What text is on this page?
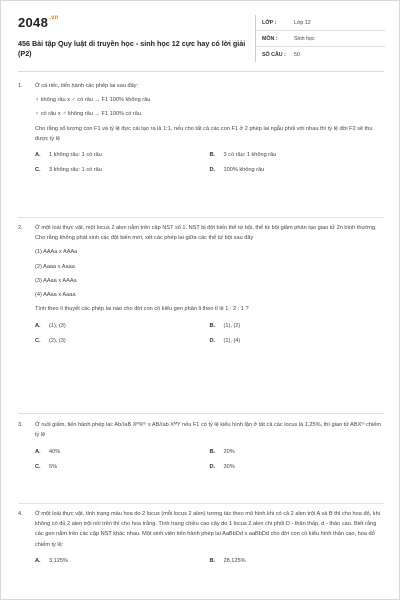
$2048^{.vn}$
456 Bài tập Quy luật di truyền học - sinh học 12 cực hay có lời giải (P2)
LỚP :	Lớp 12
MÔN :	Sinh học
SỐ CÂU :	50
1.	Ở cá riếc, tiến hành các phép lai sau đây:

♀ không râu x ♂ có râu → F1 100% không râu

♀ có râu x ♂ không râu → F1 100% có râu.

Cho rằng số lượng con F1 và tỷ lệ đực cái tạo ra là 1:1, nếu cho tất cả các con F1 ở 2 phép lai ngẫu phối với nhau thì tỷ lệ đời F2 sẽ thu được tỷ lệ

A.	1 không râu: 1 có râu	B.	3 có râu: 1 không râu
C.	3 không râu: 1 có râu	D.	100% không râu
2.	Ở một loài thực vật, một locus 2 alen nằm trên cặp NST số 1. NST bị đột biến thể tứ bội, thể tứ bội giảm phân tạo giao tử 2n bình thường. Cho rằng không phát sinh các đột biến mới, xét các phép lai giữa các thể tứ bội sau đây

(1) AAAa x AAAa

(2) Aaaa x Aaaa

(3) AAaa x AAAa

(4) AAaa x Aaaa

Tính theo lí thuyết các phép lai nào cho đời con có kiểu gen phân li theo tỉ lệ 1 : 2 : 1 ?

A.	(1), (3)	B.	(1), (2)
C.	(2), (3)	D.	(1), (4)
3.	Ở ruồi giấm, tiến hành phép lai: Ab//aB XᴹXᵐ x AB//ab XᴹY nếu F1 có tỷ lệ kiểu hình lặn ở tất cả các locus là 1,25%, thì giao tử ABXᵐ chiếm tỷ lệ

A.	40%	B.	20%
C.	5%	D.	30%
4.	Ở một loài thực vật, tính trạng màu hoa do 2 locus (mỗi locus 2 alen) tương tác theo mô hình khi có cả 2 alen trội A và B thì cho hoa đỏ, khi không có đủ 2 alen trội nói trên thì cho hoa trắng. Tính trạng chiều cao cây do 1 locus 2 alen chi phối D - thân thấp, d - thân cao. Biết rằng các gen nằm trên các cặp NST khác nhau. Một sinh viên tiến hành phép lai AaBbDd x aaBbDd cho đời con có kiểu hình thân cao, hoa đỏ chiếm tỷ lệ:

A.	3,125%	B.	28,125%
